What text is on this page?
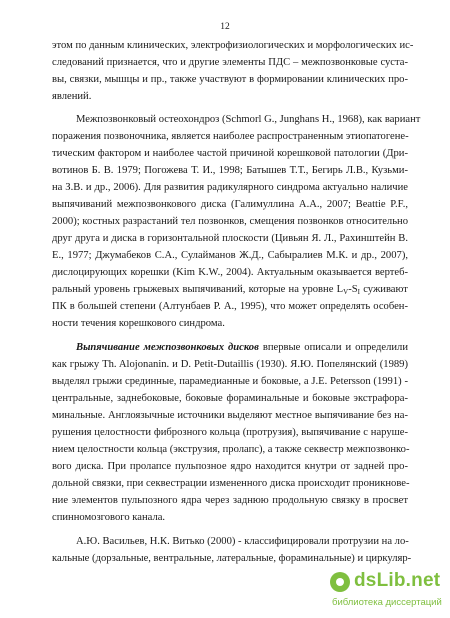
12
этом по данным клинических, электрофизиологических и морфологических ис-
следований признается, что и другие элементы ПДС – межпозвонковые суста-
вы, связки, мышцы и пр., также участвуют в формировании клинических про-
явлений.
Межпозвонковый остеохондроз (Schmorl G., Junghans H., 1968), как вариант
поражения позвоночника, является наиболее распространенным этиопатогене-
тическим фактором и наиболее частой причиной корешковой патологии (Дри-
вотинов Б. В. 1979; Погожева Т. И., 1998; Батышев Т.Т., Бегирь Л.В., Кузьми-
на З.В. и др., 2006). Для развития радикулярного синдрома актуально наличие
выпячиваний межпозвонкового диска (Галимуллина А.А., 2007; Beattie P.F.,
2000); костных разрастаний тел позвонков, смещения позвонков относительно
друг друга и диска в горизонтальной плоскости (Цивьян Я. Л., Рахинштейн В.
Е., 1977; Джумабеков С.А., Сулайманов Ж.Д., Сабыралиев М.К. и др., 2007),
дислоцирующих корешки (Kim K.W., 2004). Актуальным оказывается вертеб-
ральный уровень грыжевых выпячиваний, которые на уровне $L_V-S_I$ суживают
ПК в большей степени (Алтунбаев Р. А., 1995), что может определять особен-
ности течения корешкового синдрома.
Выпячивание межпозвонковых дисков впервые описали и определили
как грыжу Th. Alojonanin. и D. Petit-Dutaillis (1930). Я.Ю. Попелянский (1989)
выделял грыжи срединные, парамедианные и боковые, а J.E. Petersson (1991) -
центральные, заднебоковые, боковые фораминальные и боковые экстрафора-
минальные. Англоязычные источники выделяют местное выпячивание без на-
рушения целостности фиброзного кольца (протрузия), выпячивание с наруше-
нием целостности кольца (экструзия, пролапс), а также секвестр межпозвонко-
вого диска. При пролапсе пульпозное ядро находится кнутри от задней про-
дольной связки, при секвестрации измененного диска происходит проникнове-
ние элементов пульпозного ядра через заднюю продольную связку в просвет
спинномозгового канала.
А.Ю. Васильев, Н.К. Витько (2000) - классифицировали протрузии на ло-
кальные (дорзальные, вентральные, латеральные, фораминальные) и циркуляр-
dsLib.net
библиотека диссертаций
